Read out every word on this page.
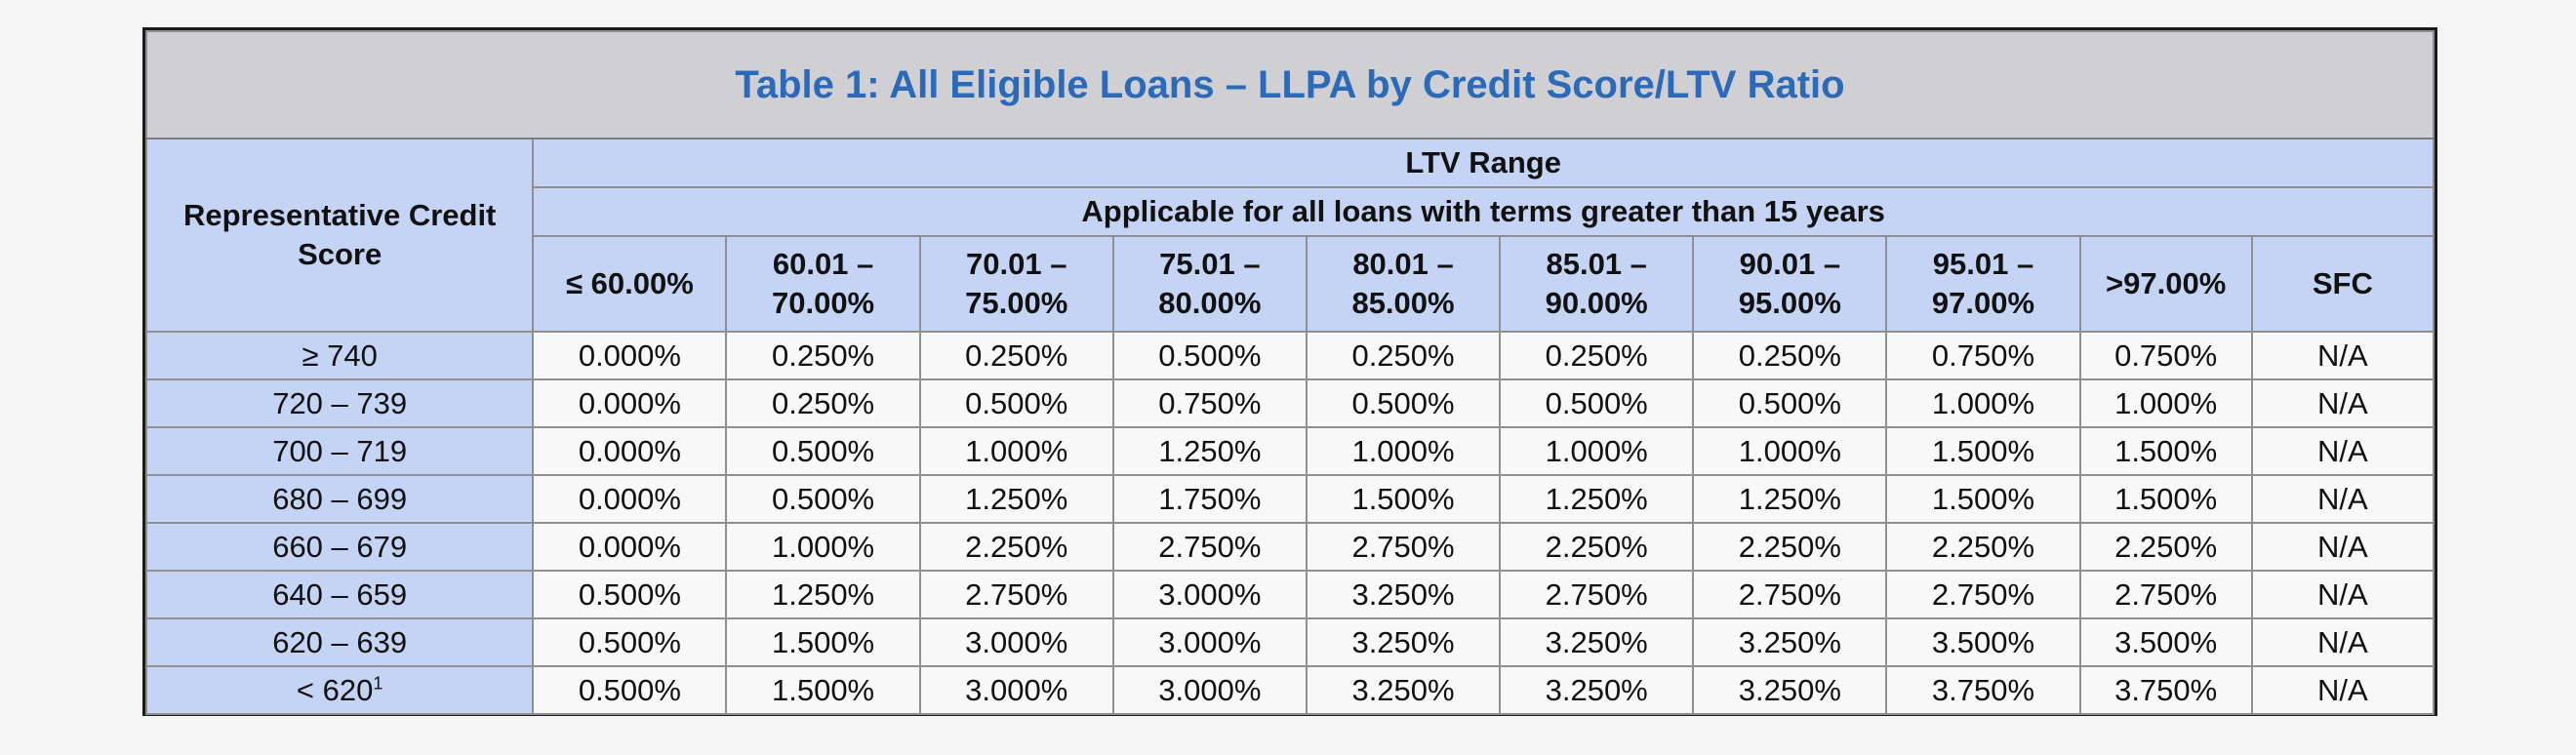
Table 1: All Eligible Loans – LLPA by Credit Score/LTV Ratio										
Representative Credit Score	LTV Range									
	Applicable for all loans with terms greater than 15 years									
	≤ 60.00%	60.01 – 70.00%	70.01 – 75.00%	75.01 – 80.00%	80.01 – 85.00%	85.01 – 90.00%	90.01 – 95.00%	95.01 – 97.00%	>97.00%	SFC
≥ 740	0.000%	0.250%	0.250%	0.500%	0.250%	0.250%	0.250%	0.750%	0.750%	N/A
720 – 739	0.000%	0.250%	0.500%	0.750%	0.500%	0.500%	0.500%	1.000%	1.000%	N/A
700 – 719	0.000%	0.500%	1.000%	1.250%	1.000%	1.000%	1.000%	1.500%	1.500%	N/A
680 – 699	0.000%	0.500%	1.250%	1.750%	1.500%	1.250%	1.250%	1.500%	1.500%	N/A
660 – 679	0.000%	1.000%	2.250%	2.750%	2.750%	2.250%	2.250%	2.250%	2.250%	N/A
640 – 659	0.500%	1.250%	2.750%	3.000%	3.250%	2.750%	2.750%	2.750%	2.750%	N/A
620 – 639	0.500%	1.500%	3.000%	3.000%	3.250%	3.250%	3.250%	3.500%	3.500%	N/A
< $620^1$	0.500%	1.500%	3.000%	3.000%	3.250%	3.250%	3.250%	3.750%	3.750%	N/A
